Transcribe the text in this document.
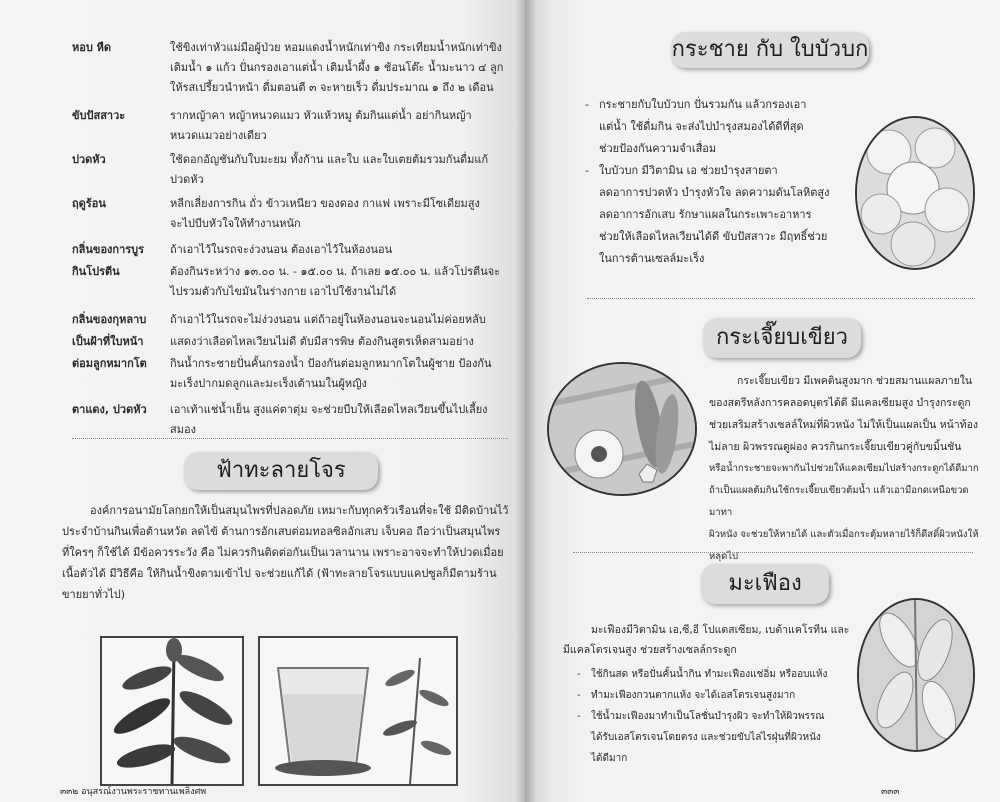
หอบ หืด	ใช้ขิงเท่าหัวแม่มือผู้ป่วย หอมแดงน้ำหนักเท่าขิง กระเทียมน้ำหนักเท่าขิง
เติมน้ำ ๑ แก้ว ปั่นกรองเอาแต่น้ำ เติมน้ำผึ้ง ๑ ช้อนโต๊ะ น้ำมะนาว ๔ ลูก
ให้รสเปรี้ยวนำหน้า ดื่มตอนตี ๓ จะหายเร็ว ดื่มประมาณ ๑ ถึง ๒ เดือน
ขับปัสสาวะ	รากหญ้าคา หญ้าหนวดแมว หัวแห้วหมู ต้มกินแต่น้ำ อย่ากินหญ้า
หนวดแมวอย่างเดียว
ปวดหัว	ใช้ดอกอัญชันกับใบมะยม ทั้งก้าน และใบ และใบเตยต้มรวมกันดื่มแก้
ปวดหัว
ฤดูร้อน	หลีกเลี่ยงการกิน ถั่ว ข้าวเหนียว ของดอง กาแฟ เพราะมีโซเดียมสูง
จะไปบีบหัวใจให้ทำงานหนัก
กลิ่นของการบูร	ถ้าเอาไว้ในรถจะง่วงนอน ต้องเอาไว้ในห้องนอน
กินโปรตีน	ต้องกินระหว่าง ๑๓.๐๐ น. - ๑๕.๐๐ น. ถ้าเลย ๑๕.๐๐ น. แล้วโปรตีนจะ
ไปรวมตัวกับไขมันในร่างกาย เอาไปใช้งานไม่ได้
กลิ่นของกุหลาบ	ถ้าเอาไว้ในรถจะไม่ง่วงนอน แต่ถ้าอยู่ในห้องนอนจะนอนไม่ค่อยหลับ
เป็นฝ้าที่ใบหน้า	แสดงว่าเลือดไหลเวียนไม่ดี ตับมีสารพิษ ต้องกินสูตรเห็ดสามอย่าง
ต่อมลูกหมากโต	กินน้ำกระชายปั่นคั้นกรองน้ำ ป้องกันต่อมลูกหมากโตในผู้ชาย ป้องกัน
มะเร็งปากมดลูกและมะเร็งเต้านมในผู้หญิง
ตาแดง, ปวดหัว	เอาเท้าแช่น้ำเย็น สูงแค่ตาตุ่ม จะช่วยบีบให้เลือดไหลเวียนขึ้นไปเลี้ยงสมอง
ฟ้าทะลายโจร
องค์การอนามัยโลกยกให้เป็นสมุนไพรที่ปลอดภัย เหมาะกับทุกครัวเรือนที่จะใช้ มีติดบ้านไว้
ประจำบ้านกินเพื่อต้านหวัด ลดไข้ ต้านการอักเสบต่อมทอลซิลอักเสบ เจ็บคอ ถือว่าเป็นสมุนไพร
ที่ใครๆ ก็ใช้ได้ มีข้อควรระวัง คือ ไม่ควรกินติดต่อกันเป็นเวลานาน เพราะอาจจะทำให้ปวดเมื่อย
เนื้อตัวได้ มีวิธีคือ ให้กินน้ำขิงตามเข้าไป จะช่วยแก้ได้ (ฟ้าทะลายโจรแบบแคปซูลก็มีตามร้าน
ขายยาทั่วไป)
๓๓๒ อนุสรณ์งานพระราชทานเพลิงศพ
กระชาย กับ ใบบัวบก
- กระชายกับใบบัวบก ปั่นรวมกัน แล้วกรองเอา
แต่น้ำ ใช้ดื่มกิน จะส่งไปบำรุงสมองได้ดีที่สุด
ช่วยป้องกันความจำเสื่อม
- ใบบัวบก มีวิตามิน เอ ช่วยบำรุงสายตา
ลดอาการปวดหัว บำรุงหัวใจ ลดความดันโลหิตสูง
ลดอาการอักเสบ รักษาแผลในกระเพาะอาหาร
ช่วยให้เลือดไหลเวียนได้ดี ขับปัสสาวะ มีฤทธิ์ช่วย
ในการต้านเซลล์มะเร็ง
กระเจี๊ยบเขียว
กระเจี๊ยบเขียว มีเพคตินสูงมาก ช่วยสมานแผลภายใน
ของสตรีหลังการคลอดบุตรได้ดี มีแคลเซียมสูง บำรุงกระดูก
ช่วยเสริมสร้างเซลล์ใหม่ที่ผิวหนัง ไม่ให้เป็นแผลเป็น หน้าท้อง
ไม่ลาย ผิวพรรณดูผ่อง ควรกินกระเจี๊ยบเขียวคู่กับขมิ้นชัน
หรือน้ำกระชายจะพากันไปช่วยให้แคลเซียมไปสร้างกระดูกได้ดีมาก
ถ้าเป็นแผลต้มกินใช้กระเจี๊ยบเขียวต้มน้ำ แล้วเอามือกดเหนือขวดมาทา
ผิวหนัง จะช่วยให้หายได้ และตัวเมื่อกระตุ้มหลายไร้ก็ดีสดิ์ผิวหนังให้หลุดไป
มะเฟือง
มะเฟืองมีวิตามิน เอ,ซี,อี โปแตสเซียม, เบต้าแคโรทีน และ
มีแคลโตรเจนสูง ช่วยสร้างเซลล์กระดูก
- ใช้กินสด หรือปั่นคั้นน้ำกิน ทำมะเฟืองแช่อิ่ม หรืออบแห้ง
- ทำมะเฟืองกวนตากแห้ง จะได้เอสโตรเจนสูงมาก
- ใช้น้ำมะเฟืองมาทำเป็นโลชั่นบำรุงผิว จะทำให้ผิวพรรณ
ได้รับเอสโตรเจนโดยตรง และช่วยขับไล่ไรฝุ่นที่ผิวหนัง
ได้ดีมาก
๓๓๓
